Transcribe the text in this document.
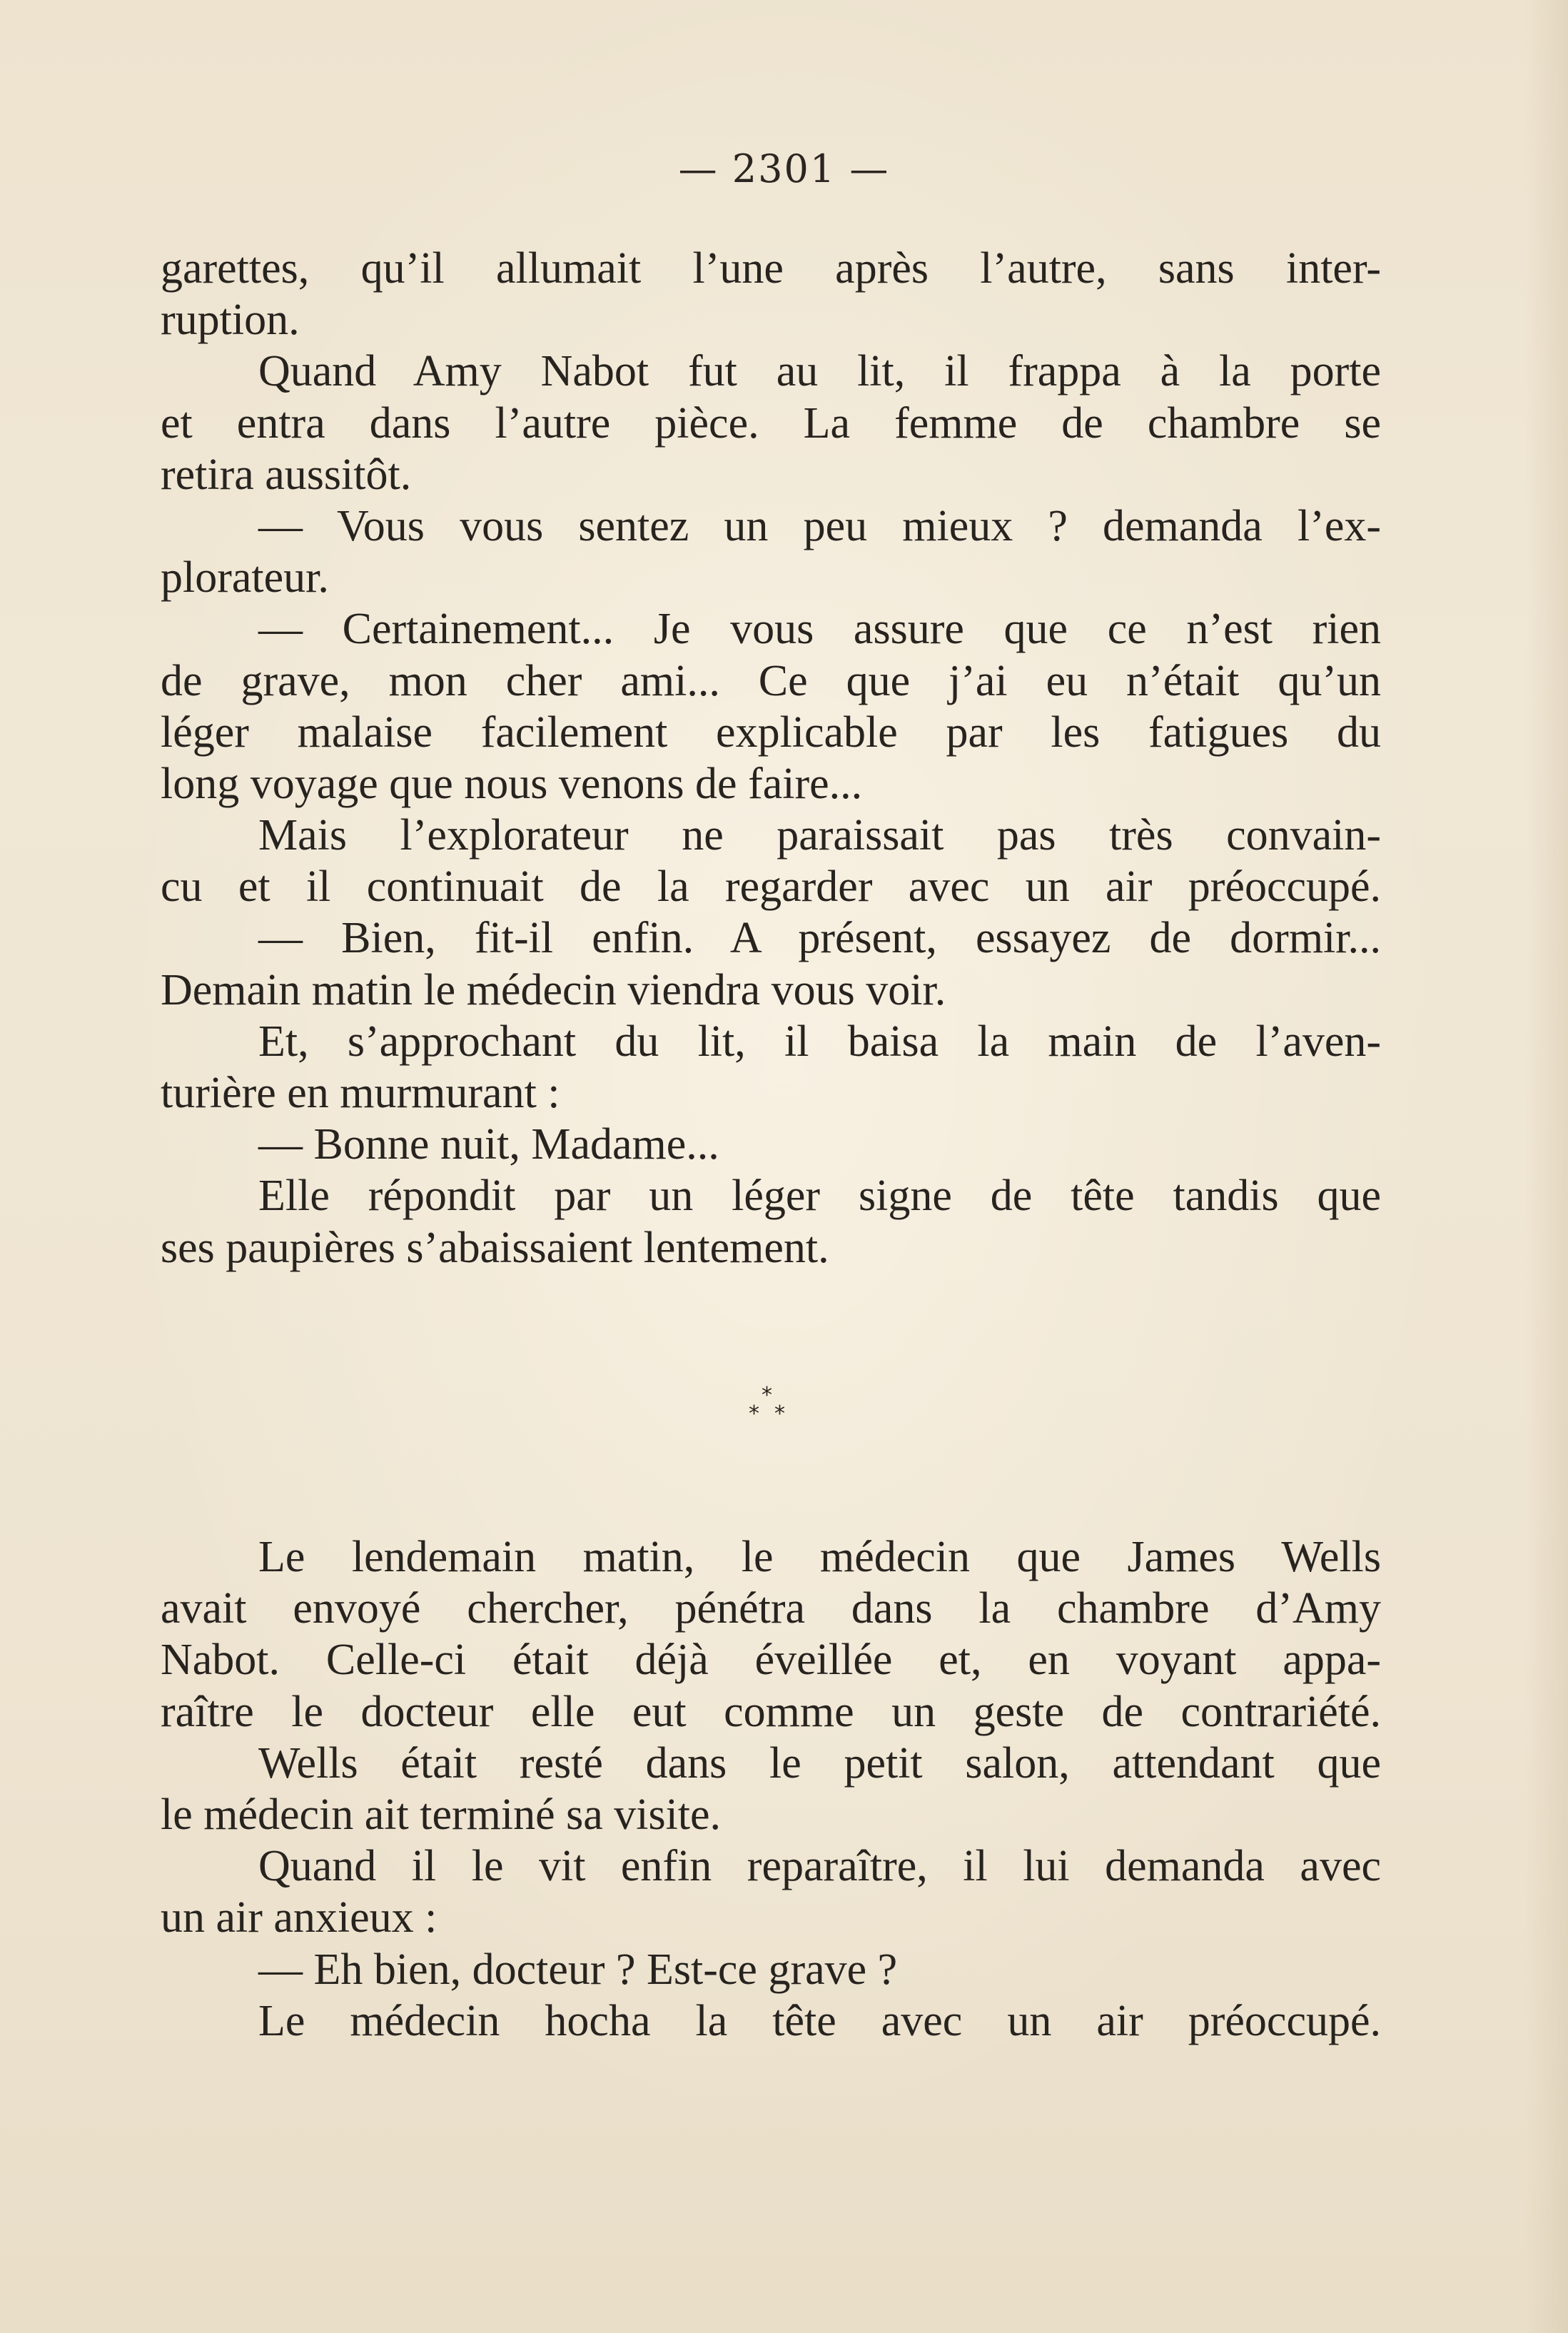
— 2301 —
garettes, qu’il allumait l’une après l’autre, sans inter-
ruption.
Quand Amy Nabot fut au lit, il frappa à la porte
et entra dans l’autre pièce. La femme de chambre se
retira aussitôt.
— Vous vous sentez un peu mieux ? demanda l’ex-
plorateur.
— Certainement... Je vous assure que ce n’est rien
de grave, mon cher ami... Ce que j’ai eu n’était qu’un
léger malaise facilement explicable par les fatigues du
long voyage que nous venons de faire...
Mais l’explorateur ne paraissait pas très convain-
cu et il continuait de la regarder avec un air préoccupé.
— Bien, fit-il enfin. A présent, essayez de dormir...
Demain matin le médecin viendra vous voir.
Et, s’approchant du lit, il baisa la main de l’aven-
turière en murmurant :
— Bonne nuit, Madame...
Elle répondit par un léger signe de tête tandis que
ses paupières s’abaissaient lentement.
*
* *
Le lendemain matin, le médecin que James Wells
avait envoyé chercher, pénétra dans la chambre d’Amy
Nabot. Celle-ci était déjà éveillée et, en voyant appa-
raître le docteur elle eut comme un geste de contrariété.
Wells était resté dans le petit salon, attendant que
le médecin ait terminé sa visite.
Quand il le vit enfin reparaître, il lui demanda avec
un air anxieux :
— Eh bien, docteur ? Est-ce grave ?
Le médecin hocha la tête avec un air préoccupé.
